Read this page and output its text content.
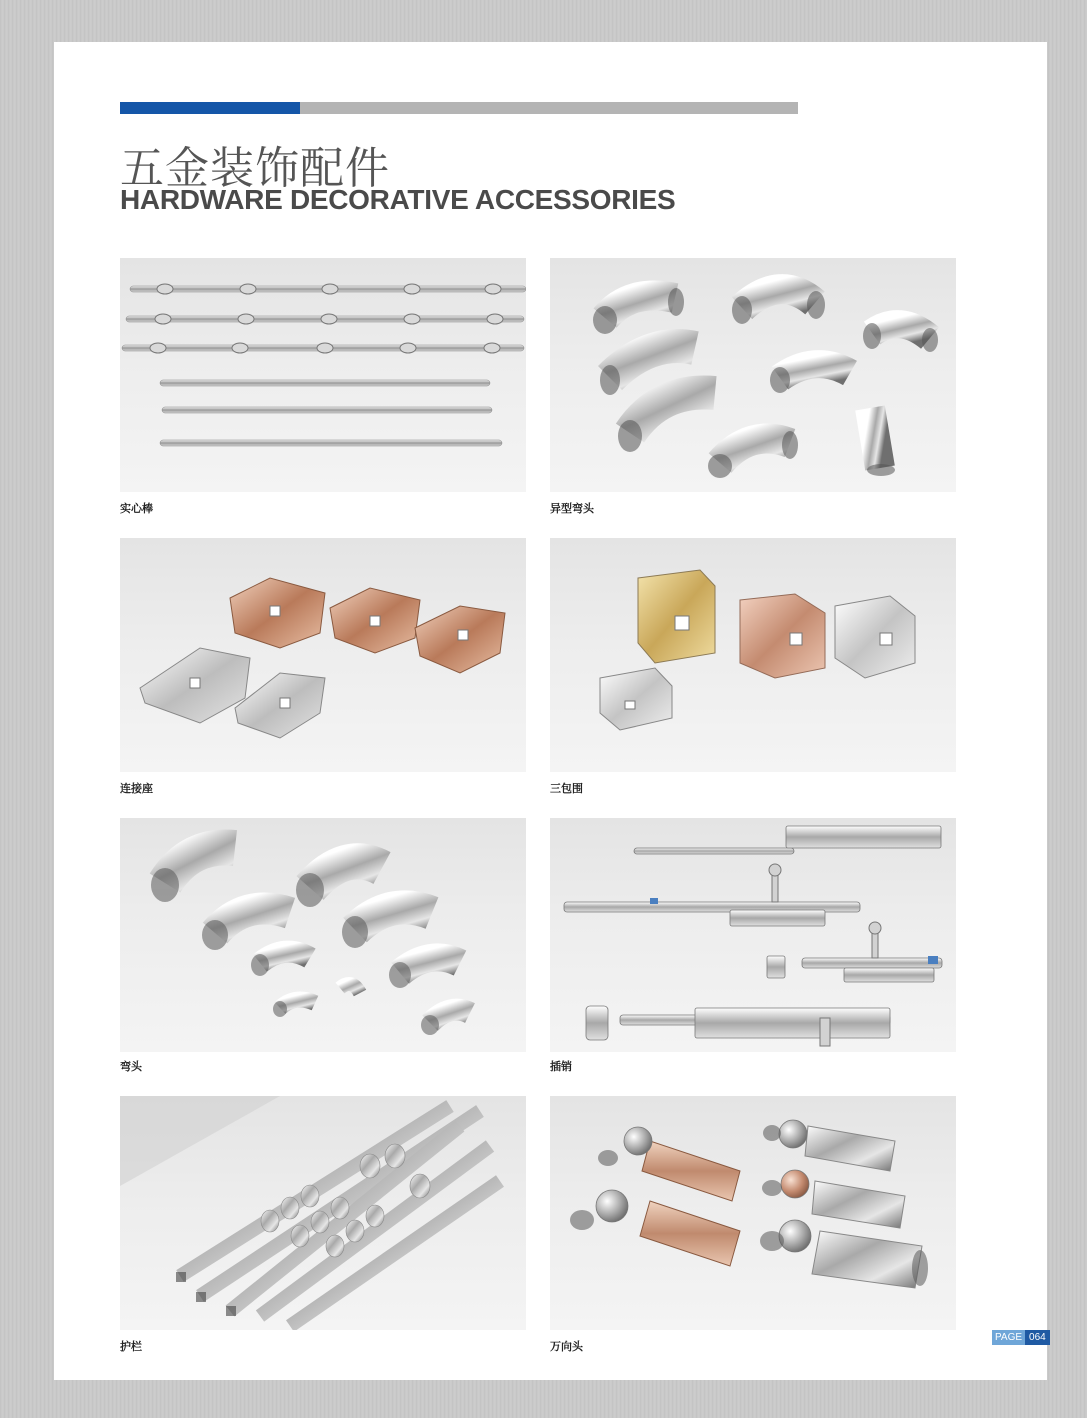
五金装饰配件
HARDWARE DECORATIVE ACCESSORIES
实心棒	异型弯头
连接座	三包围
弯头	插销
护栏	万向头
PAGE 064
